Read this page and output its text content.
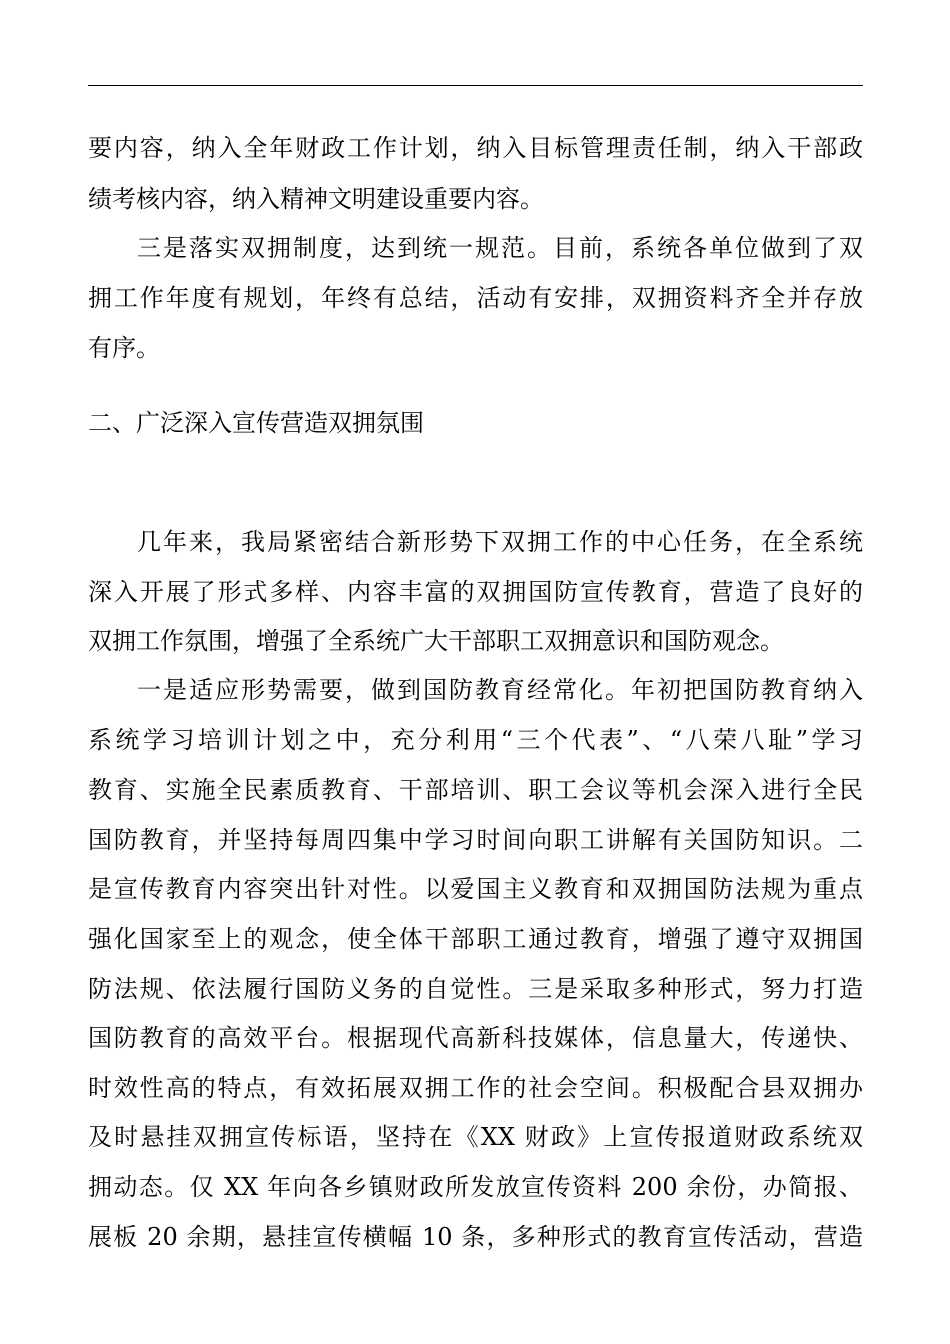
要内容，纳入全年财政工作计划，纳入目标管理责任制，纳入干部政
绩考核内容，纳入精神文明建设重要内容。
三是落实双拥制度，达到统一规范。目前，系统各单位做到了双
拥工作年度有规划，年终有总结，活动有安排，双拥资料齐全并存放
有序。
二、广泛深入宣传营造双拥氛围
几年来，我局紧密结合新形势下双拥工作的中心任务，在全系统
深入开展了形式多样、内容丰富的双拥国防宣传教育，营造了良好的
双拥工作氛围，增强了全系统广大干部职工双拥意识和国防观念。
一是适应形势需要，做到国防教育经常化。年初把国防教育纳入
系统学习培训计划之中，充分利用“三个代表”、“八荣八耻”学习
教育、实施全民素质教育、干部培训、职工会议等机会深入进行全民
国防教育，并坚持每周四集中学习时间向职工讲解有关国防知识。二
是宣传教育内容突出针对性。以爱国主义教育和双拥国防法规为重点
强化国家至上的观念，使全体干部职工通过教育，增强了遵守双拥国
防法规、依法履行国防义务的自觉性。三是采取多种形式，努力打造
国防教育的高效平台。根据现代高新科技媒体，信息量大，传递快、
时效性高的特点，有效拓展双拥工作的社会空间。积极配合县双拥办
及时悬挂双拥宣传标语，坚持在《XX 财政》上宣传报道财政系统双
拥动态。仅 XX 年向各乡镇财政所发放宣传资料 200 余份，办简报、
展板 20 余期，悬挂宣传横幅 10 条，多种形式的教育宣传活动，营造
